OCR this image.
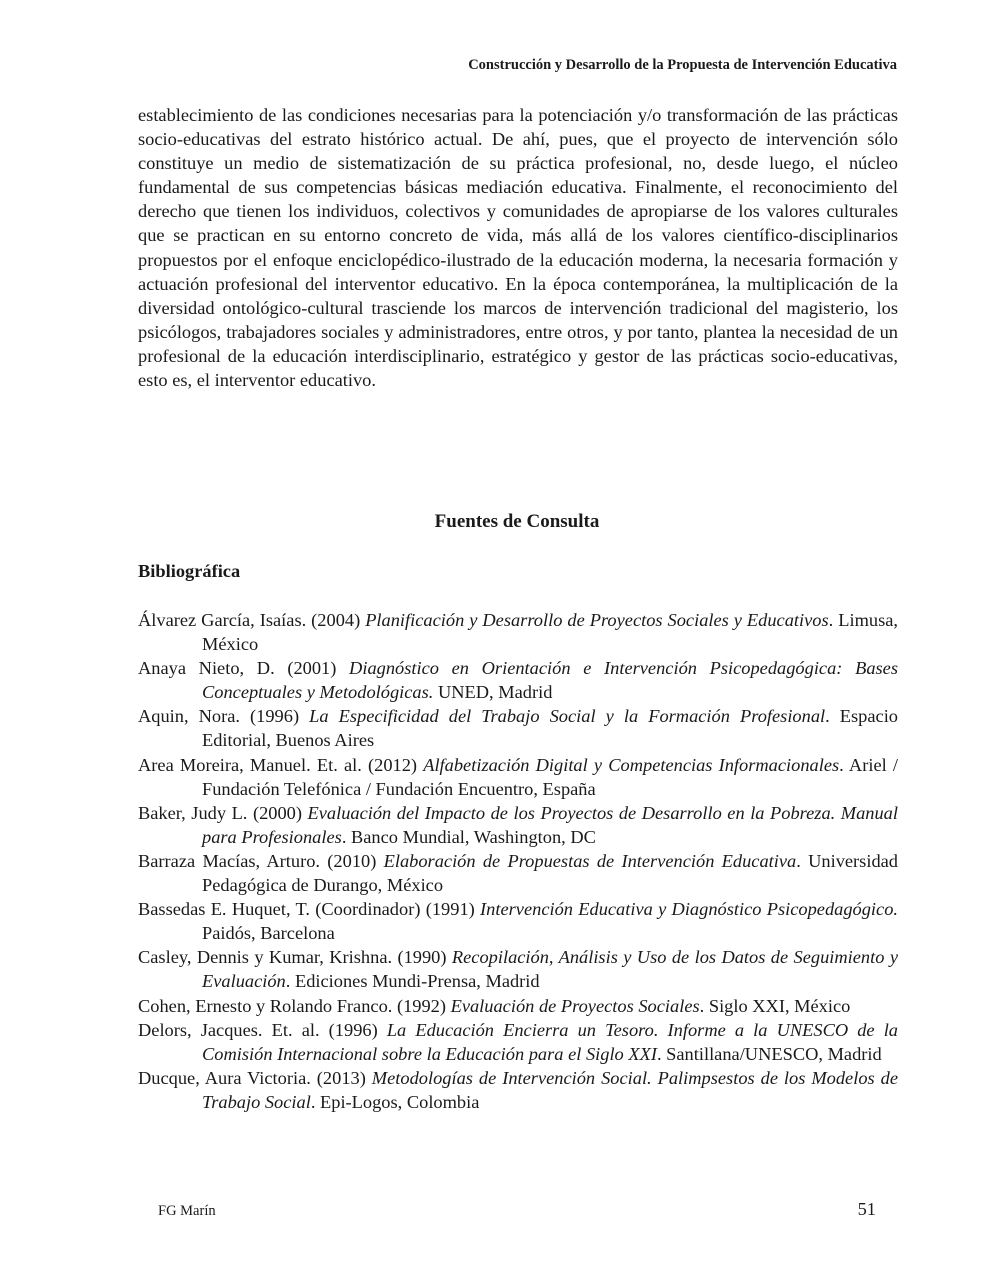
Construcción y Desarrollo de la Propuesta de Intervención Educativa

establecimiento de las condiciones necesarias para la potenciación y/o transformación de las prácticas socio-educativas del estrato histórico actual. De ahí, pues, que el proyecto de intervención sólo constituye un medio de sistematización de su práctica profesional, no, desde luego, el núcleo fundamental de sus competencias básicas mediación educativa. Finalmente, el reconocimiento del derecho que tienen los individuos, colectivos y comunidades de apropiarse de los valores culturales que se practican en su entorno concreto de vida, más allá de los valores científico-disciplinarios propuestos por el enfoque enciclopédico-ilustrado de la educación moderna, la necesaria formación y actuación profesional del interventor educativo. En la época contemporánea, la multiplicación de la diversidad ontológico-cultural trasciende los marcos de intervención tradicional del magisterio, los psicólogos, trabajadores sociales y administradores, entre otros, y por tanto, plantea la necesidad de un profesional de la educación interdisciplinario, estratégico y gestor de las prácticas socio-educativas, esto es, el interventor educativo.

Fuentes de Consulta
Bibliográfica
Álvarez García, Isaías. (2004) Planificación y Desarrollo de Proyectos Sociales y Educativos. Limusa, México
Anaya Nieto, D. (2001) Diagnóstico en Orientación e Intervención Psicopedagógica: Bases Conceptuales y Metodológicas. UNED, Madrid
Aquin, Nora. (1996) La Especificidad del Trabajo Social y la Formación Profesional. Espacio Editorial, Buenos Aires
Area Moreira, Manuel. Et. al. (2012) Alfabetización Digital y Competencias Informacionales. Ariel / Fundación Telefónica / Fundación Encuentro, España
Baker, Judy L. (2000) Evaluación del Impacto de los Proyectos de Desarrollo en la Pobreza. Manual para Profesionales. Banco Mundial, Washington, DC
Barraza Macías, Arturo. (2010) Elaboración de Propuestas de Intervención Educativa. Universidad Pedagógica de Durango, México
Bassedas E. Huquet, T. (Coordinador) (1991) Intervención Educativa y Diagnóstico Psicopedagógico. Paidós, Barcelona
Casley, Dennis y Kumar, Krishna. (1990) Recopilación, Análisis y Uso de los Datos de Seguimiento y Evaluación. Ediciones Mundi-Prensa, Madrid
Cohen, Ernesto y Rolando Franco. (1992) Evaluación de Proyectos Sociales. Siglo XXI, México
Delors, Jacques. Et. al. (1996) La Educación Encierra un Tesoro. Informe a la UNESCO de la Comisión Internacional sobre la Educación para el Siglo XXI. Santillana/UNESCO, Madrid
Ducque, Aura Victoria. (2013) Metodologías de Intervención Social. Palimpsestos de los Modelos de Trabajo Social. Epi-Logos, Colombia
FG Marín	51
